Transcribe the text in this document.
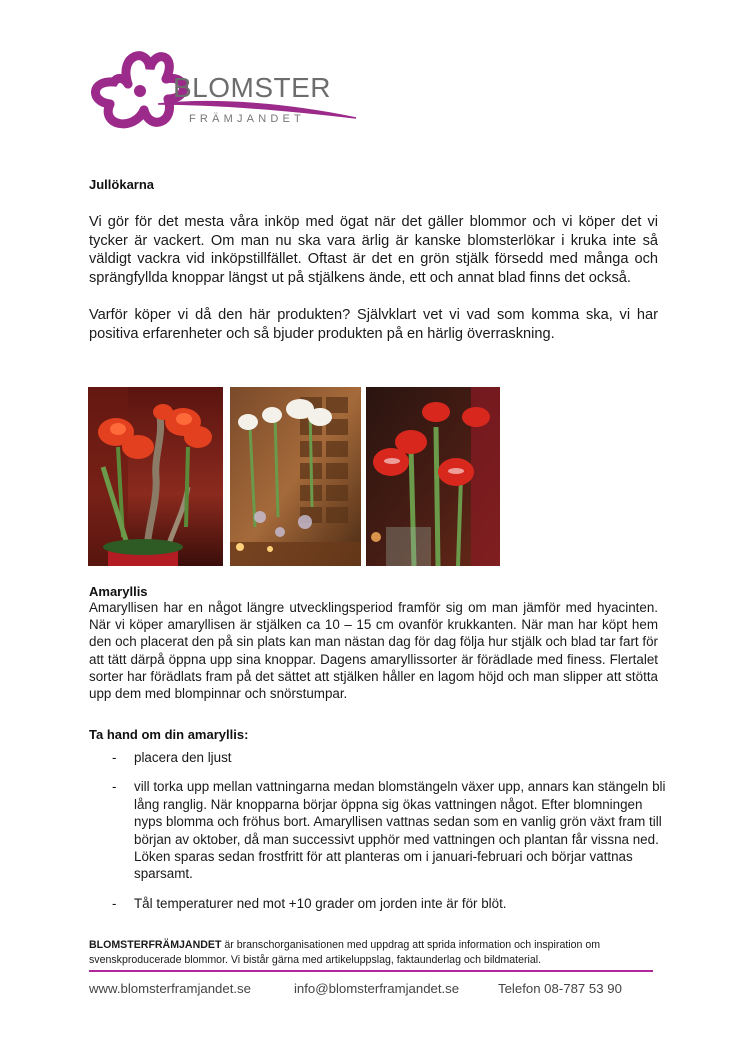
BLOMSTER
FRÄMJANDET
Jullökarna

Vi gör för det mesta våra inköp med ögat när det gäller blommor och vi köper det vi tycker är vackert. Om man nu ska vara ärlig är kanske blomsterlökar i kruka inte så väldigt vackra vid inköpstillfället. Oftast är det en grön stjälk försedd med många och sprängfyllda knoppar längst ut på stjälkens ände, ett och annat blad finns det också.

Varför köper vi då den här produkten? Självklart vet vi vad som komma ska, vi har positiva erfarenheter och så bjuder produkten på en härlig överraskning.

Amaryllis

Amaryllisen har en något längre utvecklingsperiod framför sig om man jämför med hyacinten. När vi köper amaryllisen är stjälken ca 10 – 15 cm ovanför krukkanten. När man har köpt hem den och placerat den på sin plats kan man nästan dag för dag följa hur stjälk och blad tar fart för att tätt därpå öppna upp sina knoppar. Dagens amaryllissorter är förädlade med finess. Flertalet sorter har förädlats fram på det sättet att stjälken håller en lagom höjd och man slipper att stötta upp dem med blompinnar och snörstumpar.

Ta hand om din amaryllis:
- placera den ljust
- vill torka upp mellan vattningarna medan blomstängeln växer upp, annars kan stängeln bli lång ranglig. När knopparna börjar öppna sig ökas vattningen något. Efter blomningen nyps blomma och fröhus bort. Amaryllisen vattnas sedan som en vanlig grön växt fram till början av oktober, då man successivt upphör med vattningen och plantan får vissna ned. Löken sparas sedan frostfritt för att planteras om i januari-februari och börjar vattnas sparsamt.
- Tål temperaturer ned mot +10 grader om jorden inte är för blöt.
BLOMSTERFRÄMJANDET är branschorganisationen med uppdrag att sprida information och inspiration om svenskproducerade blommor. Vi bistår gärna med artikeluppslag, faktaunderlag och bildmaterial.
www.blomsterframjandet.se	info@blomsterframjandet.se	Telefon 08-787 53 90
